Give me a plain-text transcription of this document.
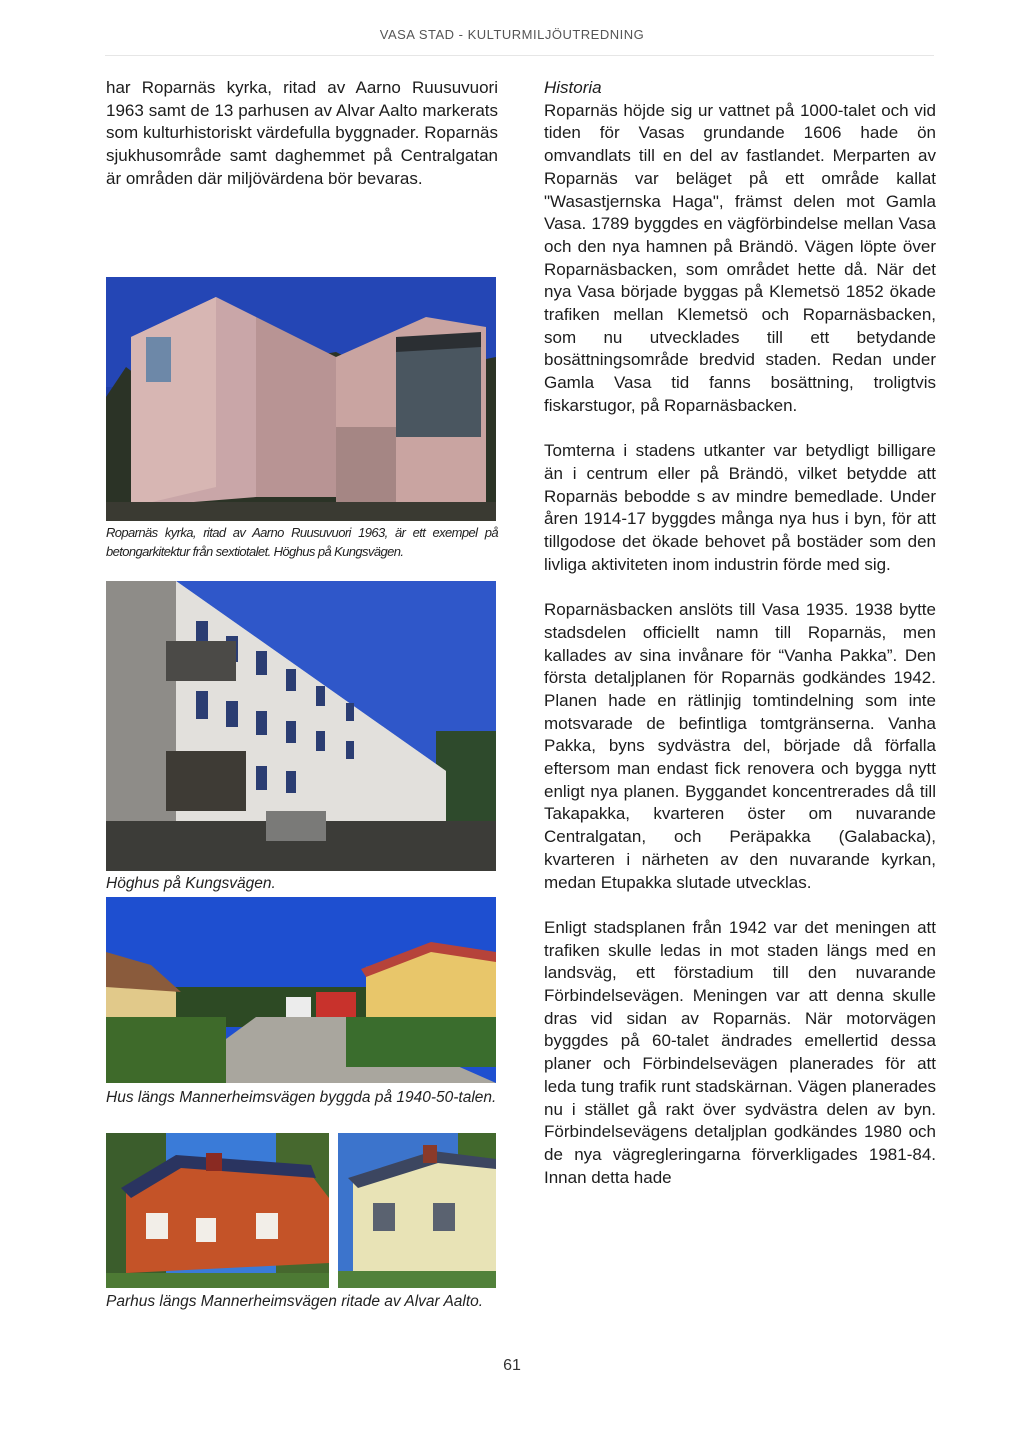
VASA STAD - KULTURMILJÖUTREDNING
har Roparnäs kyrka, ritad av Aarno Ruusuvuori 1963 samt de 13 parhusen av Alvar Aalto markerats som kulturhistoriskt värdefulla byggnader. Roparnäs sjukhusområde samt daghemmet på Centralgatan är områden där miljövärdena bör bevaras.
Roparnäs kyrka, ritad av Aarno Ruusuvuori 1963, är ett exempel på betongarkitektur från sextiotalet. Höghus på Kungsvägen.
Höghus på Kungsvägen.
Hus längs Mannerheimsvägen byggda på 1940-50-talen.
Parhus längs Mannerheimsvägen ritade av Alvar Aalto.

Historia

Roparnäs höjde sig ur vattnet på 1000-talet och vid tiden för Vasas grundande 1606 hade ön omvandlats till en del av fastlandet. Merparten av Roparnäs var beläget på ett område kallat "Wasastjernska Haga", främst delen mot Gamla Vasa. 1789 byggdes en vägförbindelse mellan Vasa och den nya hamnen på Brändö. Vägen löpte över Roparnäsbacken, som området hette då. När det nya Vasa började byggas på Klemetsö 1852 ökade trafiken mellan Klemetsö och Roparnäsbacken, som nu utvecklades till ett betydande bosättningsområde bredvid staden. Redan under Gamla Vasa tid fanns bosättning, troligtvis fiskarstugor, på Roparnäsbacken.

Tomterna i stadens utkanter var betydligt billigare än i centrum eller på Brändö, vilket betydde att Roparnäs bebodde s av mindre bemedlade. Under åren 1914-17 byggdes många nya hus i byn, för att tillgodose det ökade behovet på bostäder som den livliga aktiviteten inom industrin förde med sig.

Roparnäsbacken anslöts till Vasa 1935. 1938 bytte stadsdelen officiellt namn till Roparnäs, men kallades av sina invånare för “Vanha Pakka”. Den första detaljplanen för Roparnäs godkändes 1942. Planen hade en rätlinjig tomtindelning som inte motsvarade de befintliga tomtgränserna. Vanha Pakka, byns sydvästra del, började då förfalla eftersom man endast fick renovera och bygga nytt enligt nya planen. Byggandet koncentrerades då till Takapakka, kvarteren öster om nuvarande Centralgatan, och Peräpakka (Galabacka), kvarteren i närheten av den nuvarande kyrkan, medan Etupakka slutade utvecklas.

Enligt stadsplanen från 1942 var det meningen att trafiken skulle ledas in mot staden längs med en landsväg, ett förstadium till den nuvarande Förbindelsevägen. Meningen var att denna skulle dras vid sidan av Roparnäs. När motorvägen byggdes på 60-talet ändrades emellertid dessa planer och Förbindelsevägen planerades för att leda tung trafik runt stadskärnan. Vägen planerades nu i stället gå rakt över sydvästra delen av byn. Förbindelsevägens detaljplan godkändes 1980 och de nya vägregleringarna förverkligades 1981-84. Innan detta hade

61
